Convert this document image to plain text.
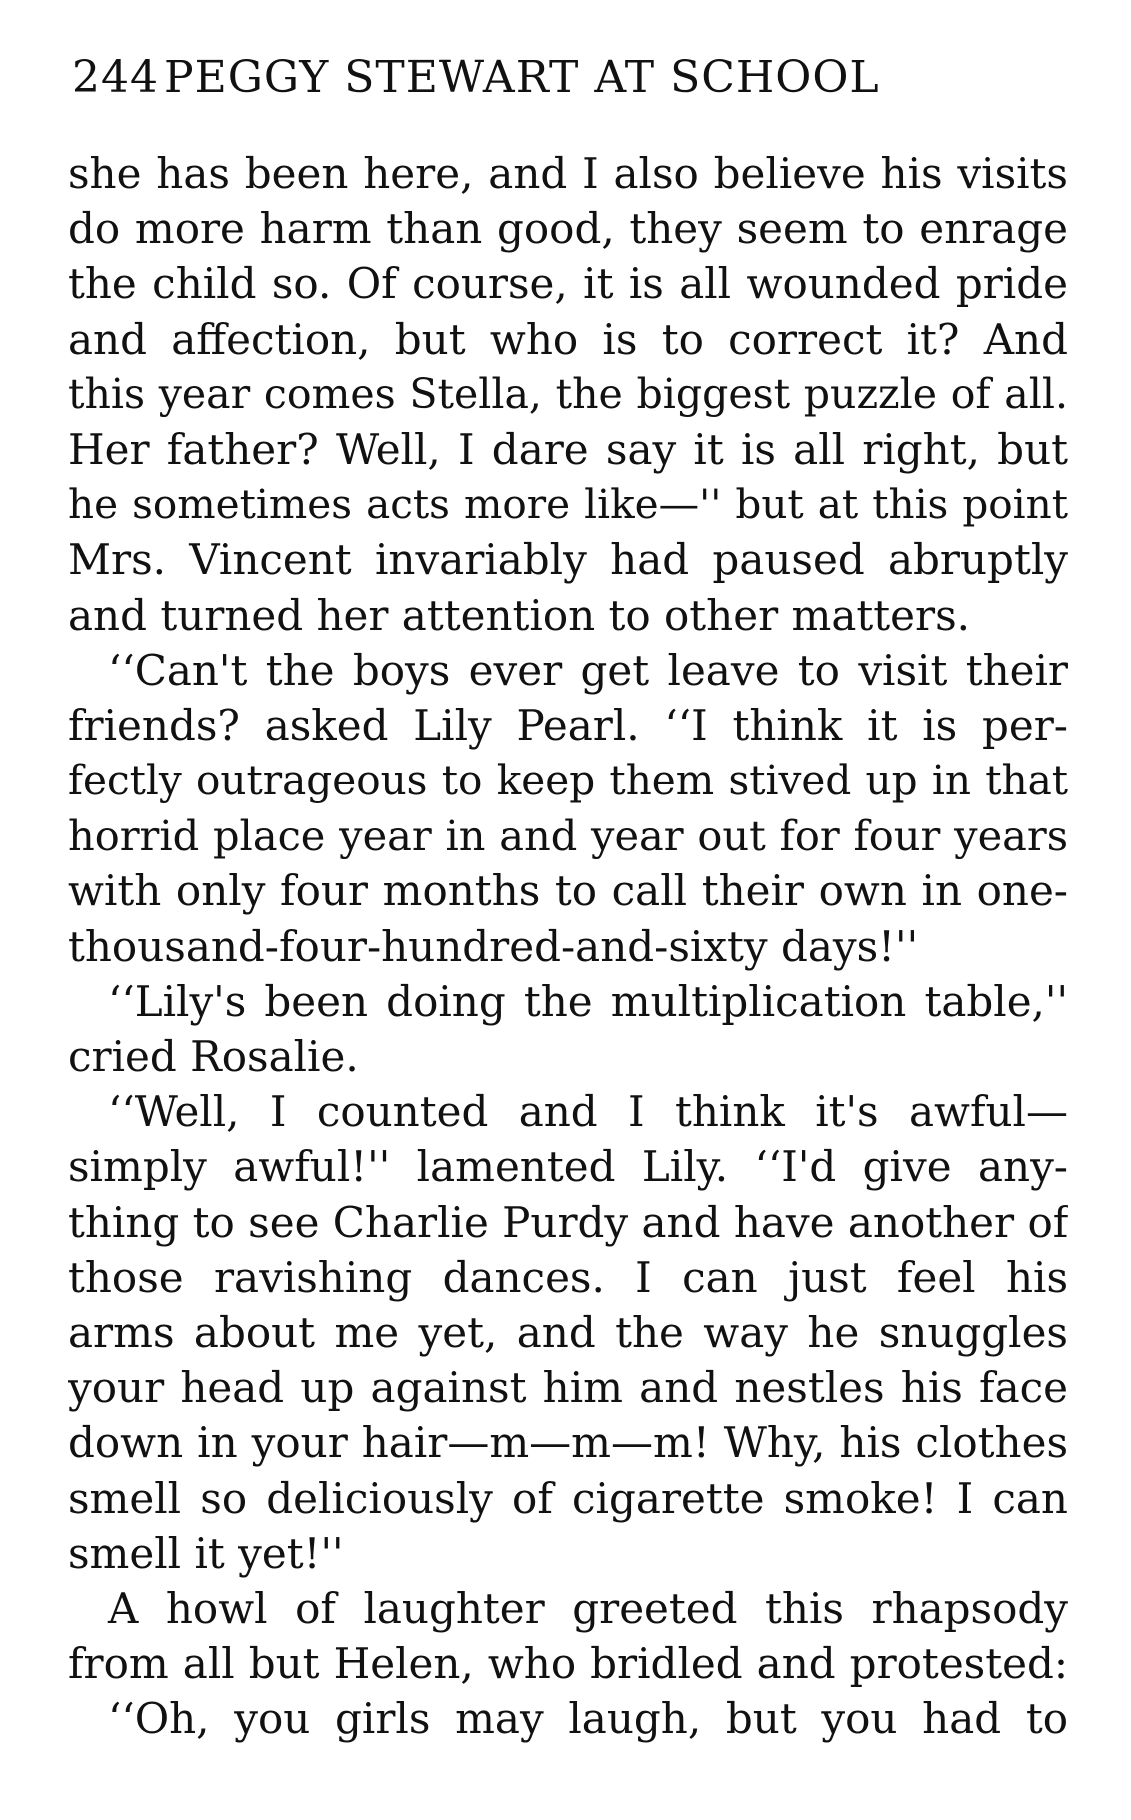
244 PEGGY STEWART AT SCHOOL
she has been here, and I also believe his visits
do more harm than good, they seem to enrage
the child so. Of course, it is all wounded pride
and affection, but who is to correct it? And
this year comes Stella, the biggest puzzle of all.
Her father? Well, I dare say it is all right, but
he sometimes acts more like—'' but at this point
Mrs. Vincent invariably had paused abruptly
and turned her attention to other matters.
‘‘Can't the boys ever get leave to visit their
friends? asked Lily Pearl. ‘‘I think it is per-
fectly outrageous to keep them stived up in that
horrid place year in and year out for four years
with only four months to call their own in one-
thousand-four-hundred-and-sixty days!''
‘‘Lily's been doing the multiplication table,''
cried Rosalie.
‘‘Well, I counted and I think it's awful—
simply awful!'' lamented Lily. ‘‘I'd give any-
thing to see Charlie Purdy and have another of
those ravishing dances. I can just feel his
arms about me yet, and the way he snuggles
your head up against him and nestles his face
down in your hair—m—m—m! Why, his clothes
smell so deliciously of cigarette smoke! I can
smell it yet!''
A howl of laughter greeted this rhapsody
from all but Helen, who bridled and protested:
‘‘Oh, you girls may laugh, but you had to
